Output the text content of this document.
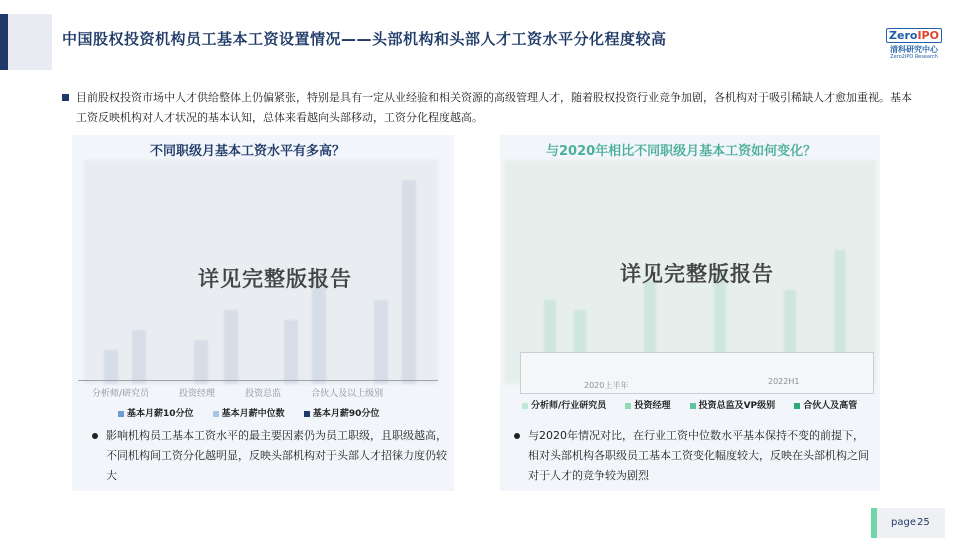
中国股权投资机构员工基本工资设置情况——头部机构和头部人才工资水平分化程度较高	ZeroIPO
清科研究中心
Zero2IPO Research
目前股权投资市场中人才供给整体上仍偏紧张，特别是具有一定从业经验和相关资源的高级管理人才，随着股权投资行业竞争加剧，各机构对于吸引稀缺人才愈加重视。基本工资反映机构对人才状况的基本认知，总体来看越向头部移动，工资分化程度越高。
不同职级月基本工资水平有多高？
详见完整版报告
分析师/研究员	投资经理	投资总监	合伙人及以上级别
基本月薪10分位	基本月薪中位数	基本月薪90分位
影响机构员工基本工资水平的最主要因素仍为员工职级，且职级越高，不同机构间工资分化越明显，反映头部机构对于头部人才招徕力度仍较大
与2020年相比不同职级月基本工资如何变化？
2020上半年	2022H1
详见完整版报告
分析师/行业研究员	投资经理	投资总监及VP级别	合伙人及高管
与2020年情况对比，在行业工资中位数水平基本保持不变的前提下，相对头部机构各职级员工基本工资变化幅度较大，反映在头部机构之间对于人才的竞争较为剧烈
page 25
